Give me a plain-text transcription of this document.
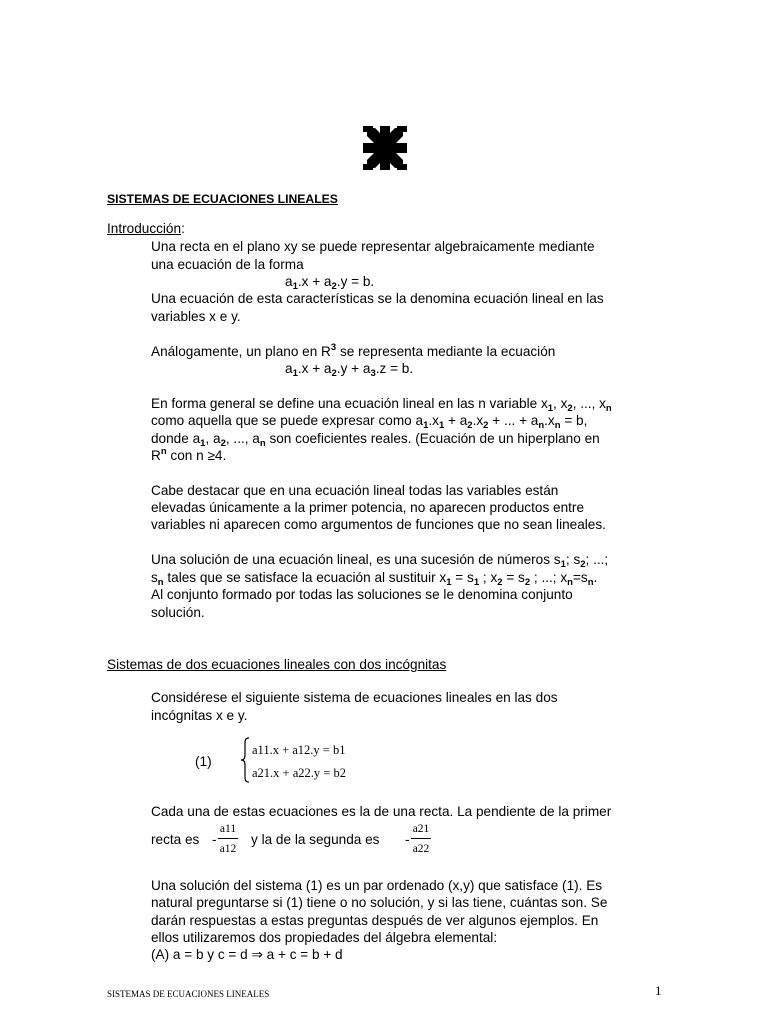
SISTEMAS DE ECUACIONES LINEALES
Introducción:
Una recta en el plano xy se puede representar algebraicamente mediante
una ecuación de la forma
$a_1.x + a_2.y = b$.
Una ecuación de esta características se la denomina ecuación lineal en las
variables x e y.
Análogamente, un plano en $R^3$ se representa mediante la ecuación
$a_1.x + a_2.y + a_3.z = b$.
En forma general se define una ecuación lineal en las n variable $x_1$, $x_2$, ..., $x_n$
como aquella que se puede expresar como $a_1.x_1 + a_2.x_2$ + ... + $a_n.x_n = b$,
donde $a_1$, $a_2$, ..., $a_n$ son coeficientes reales. (Ecuación de un hiperplano en
$R^n$ con n ≥4.
Cabe destacar que en una ecuación lineal todas las variables están
elevadas únicamente a la primer potencia, no aparecen productos entre
variables ni aparecen como argumentos de funciones que no sean lineales.
Una solución de una ecuación lineal, es una sucesión de números $s_1$; $s_2$; ...;
$s_n$ tales que se satisface la ecuación al sustituir $x_1 = s_1$ ; $x_2 = s_2$ ; ...; $x_n=s_n$.
Al conjunto formado por todas las soluciones se le denomina conjunto
solución.
Sistemas de dos ecuaciones lineales con dos incógnitas
Considérese el siguiente sistema de ecuaciones lineales en las dos
incógnitas x e y.
(1)
a11.x + a12.y = b1
a21.x + a22.y = b2
Cada una de estas ecuaciones es la de una recta. La pendiente de la primer
recta es -
a11
a12
y la de la segunda es -
a21
a22
Una solución del sistema (1) es un par ordenado (x,y) que satisface (1). Es
natural preguntarse si (1) tiene o no solución, y si las tiene, cuántas son. Se
darán respuestas a estas preguntas después de ver algunos ejemplos. En
ellos utilizaremos dos propiedades del álgebra elemental:
(A) a = b y c = d ⇒ a + c = b + d
SISTEMAS DE ECUACIONES LINEALES	1
